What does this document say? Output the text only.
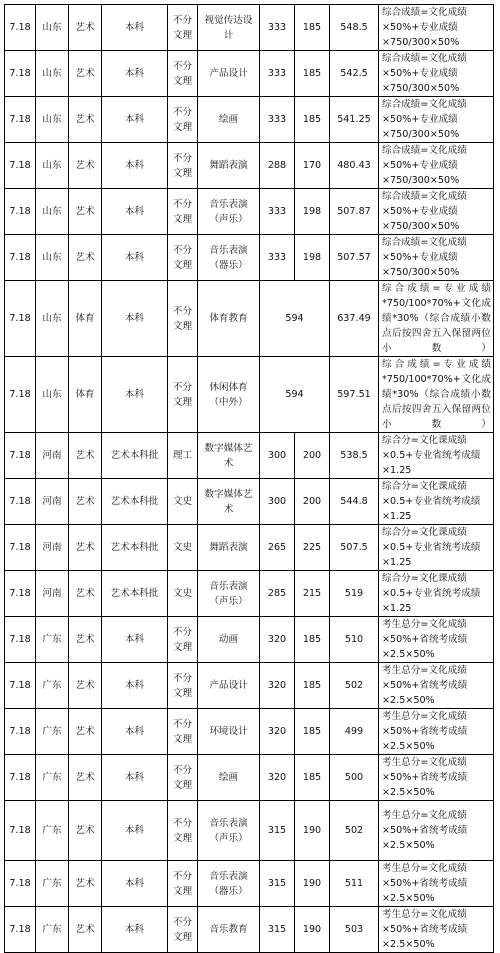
7.18	山东	艺术	本科	不分文理	视觉传达设计	333	185	548.5	综合成绩=文化成绩×50%+专业成绩×750/300×50%
7.18	山东	艺术	本科	不分文理	产品设计	333	185	542.5	综合成绩=文化成绩×50%+专业成绩×750/300×50%
7.18	山东	艺术	本科	不分文理	绘画	333	185	541.25	综合成绩=文化成绩×50%+专业成绩×750/300×50%
7.18	山东	艺术	本科	不分文理	舞蹈表演	288	170	480.43	综合成绩=文化成绩×50%+专业成绩×750/300×50%
7.18	山东	艺术	本科	不分文理	音乐表演（声乐）	333	198	507.87	综合成绩=文化成绩×50%+专业成绩×750/300×50%
7.18	山东	艺术	本科	不分文理	音乐表演（器乐）	333	198	507.57	综合成绩=文化成绩×50%+专业成绩×750/300×50%
7.18	山东	体育	本科	不分文理	体育教育	594		637.49	综合成绩=专业成绩*750/100*70%+文化成绩*30%（综合成绩小数点后按四舍五入保留两位小数）
7.18	山东	体育	本科	不分文理	休闲体育（中外）	594		597.51	综合成绩=专业成绩*750/100*70%+文化成绩*30%（综合成绩小数点后按四舍五入保留两位小数）
7.18	河南	艺术	艺术本科批	理工	数字媒体艺术	300	200	538.5	综合分=文化课成绩×0.5+专业省统考成绩×1.25
7.18	河南	艺术	艺术本科批	文史	数字媒体艺术	300	200	544.8	综合分=文化课成绩×0.5+专业省统考成绩×1.25
7.18	河南	艺术	艺术本科批	文史	舞蹈表演	265	225	507.5	综合分=文化课成绩×0.5+专业省统考成绩×1.25
7.18	河南	艺术	艺术本科批	文史	音乐表演（声乐）	285	215	519	综合分=文化课成绩×0.5+专业省统考成绩×1.25
7.18	广东	艺术	本科	不分文理	动画	320	185	510	考生总分=文化成绩×50%+省统考成绩×2.5×50%
7.18	广东	艺术	本科	不分文理	产品设计	320	185	502	考生总分=文化成绩×50%+省统考成绩×2.5×50%
7.18	广东	艺术	本科	不分文理	环境设计	320	185	499	考生总分=文化成绩×50%+省统考成绩×2.5×50%
7.18	广东	艺术	本科	不分文理	绘画	320	185	500	考生总分=文化成绩×50%+省统考成绩×2.5×50%
7.18	广东	艺术	本科	不分文理	音乐表演（声乐）	315	190	502	考生总分=文化成绩×50%+省统考成绩×2.5×50%
7.18	广东	艺术	本科	不分文理	音乐表演（器乐）	315	190	511	考生总分=文化成绩×50%+省统考成绩×2.5×50%
7.18	广东	艺术	本科	不分文理	音乐教育	315	190	503	考生总分=文化成绩×50%+省统考成绩×2.5×50%
